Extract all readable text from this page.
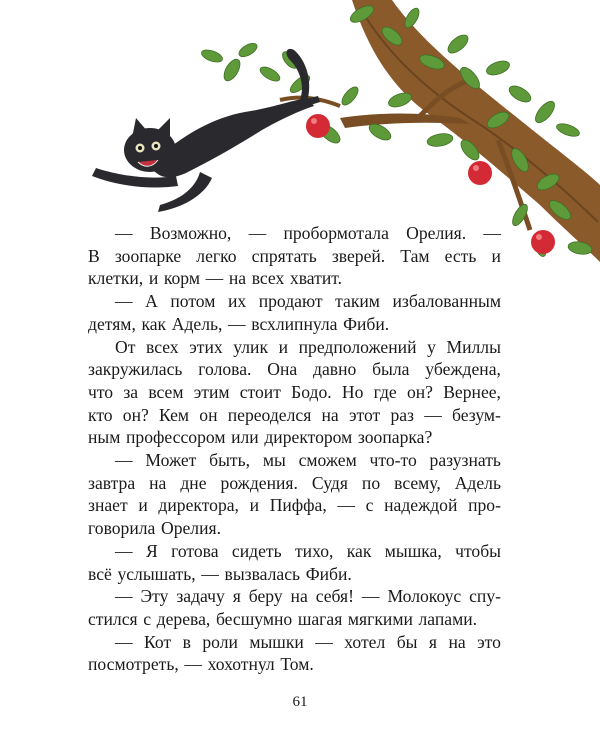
— Возможно, — пробормотала Орелия. —
В зоопарке легко спрятать зверей. Там есть и
клетки, и корм — на всех хватит.
— А потом их продают таким избалованным
детям, как Адель, — всхлипнула Фиби.
От всех этих улик и предположений у Миллы
закружилась голова. Она давно была убеждена,
что за всем этим стоит Бодо. Но где он? Вернее,
кто он? Кем он переоделся на этот раз — безум-
ным профессором или директором зоопарка?
— Может быть, мы сможем что-то разузнать
завтра на дне рождения. Судя по всему, Адель
знает и директора, и Пиффа, — с надеждой про-
говорила Орелия.
— Я готова сидеть тихо, как мышка, чтобы
всё услышать, — вызвалась Фиби.
— Эту задачу я беру на себя! — Молокоус спу-
стился с дерева, бесшумно шагая мягкими лапами.
— Кот в роли мышки — хотел бы я на это
посмотреть, — хохотнул Том.
61
